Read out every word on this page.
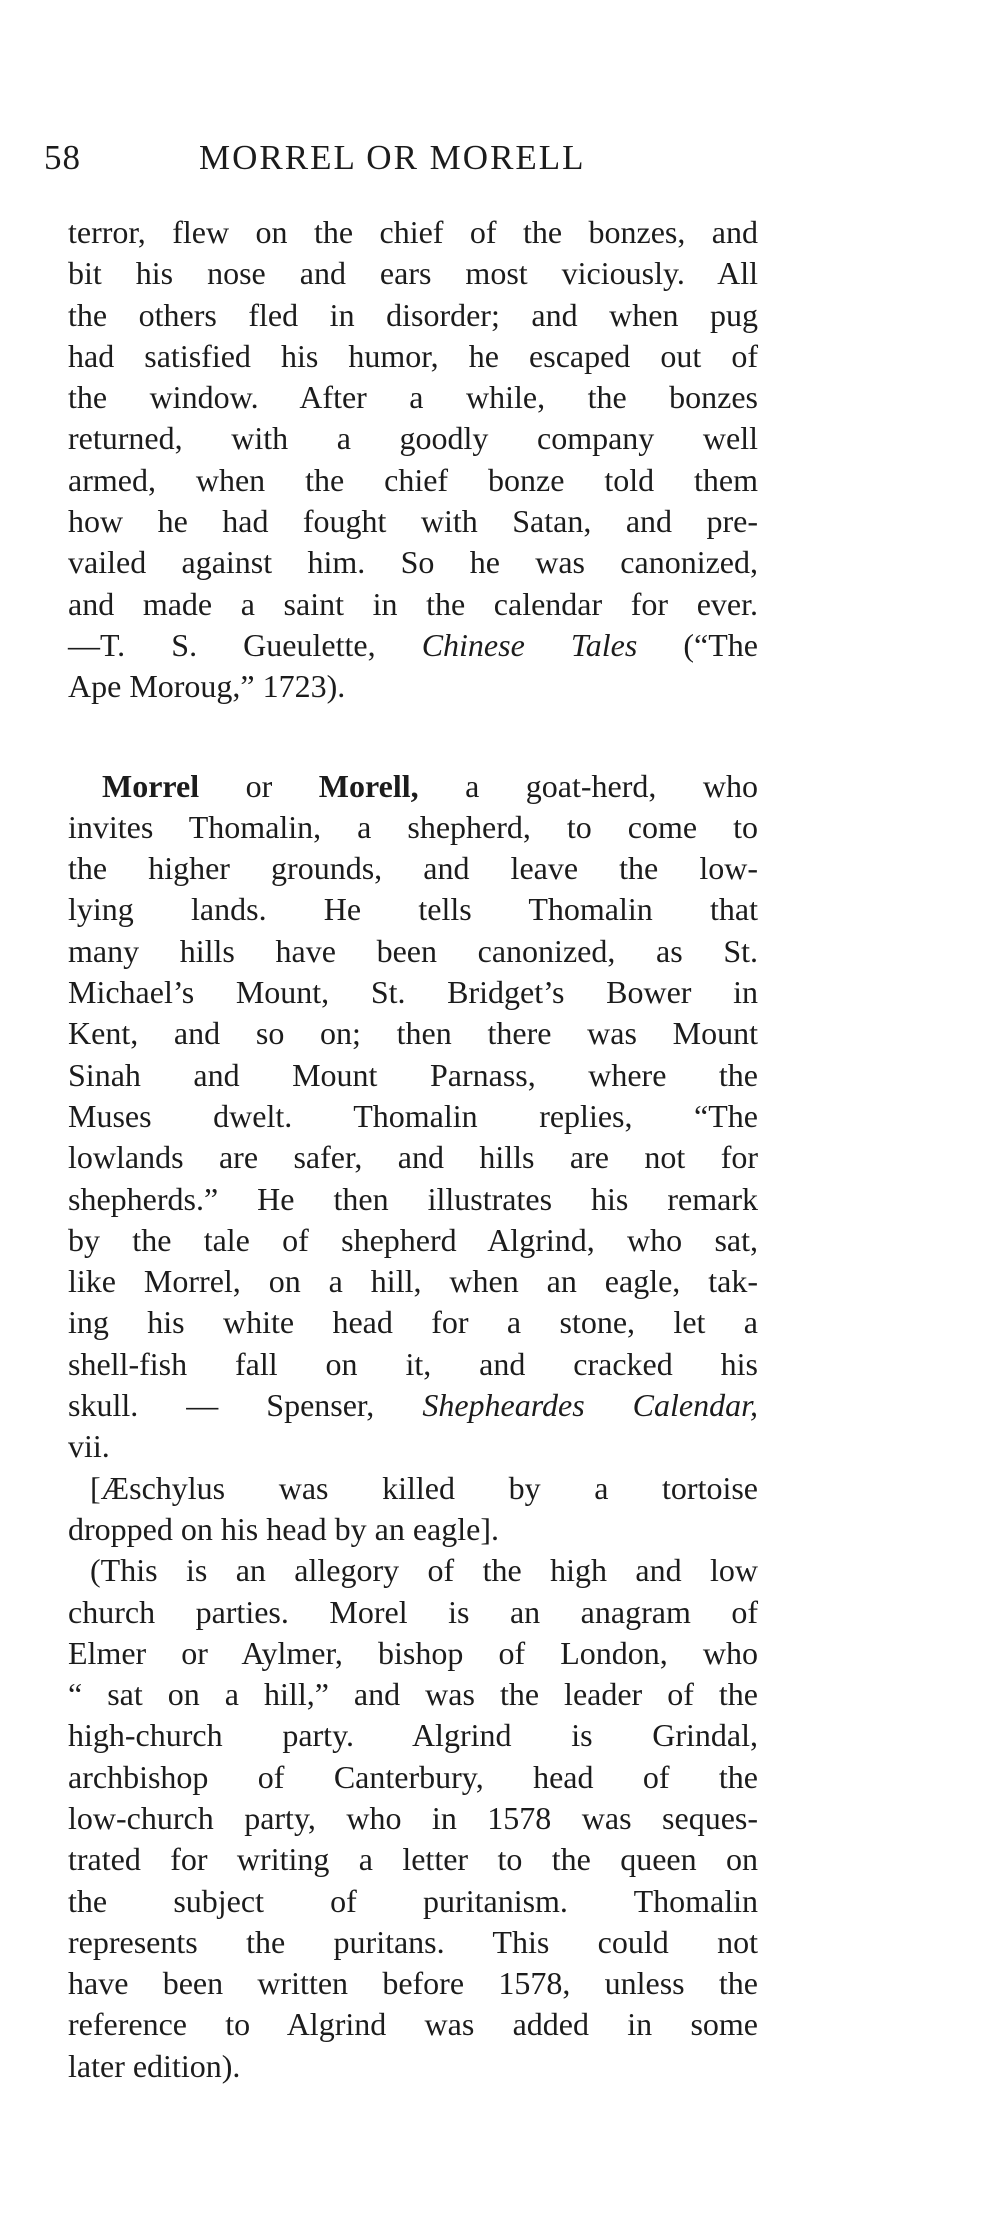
58	MORREL OR MORELL
terror, flew on the chief of the bonzes, and
bit his nose and ears most viciously. All
the others fled in disorder; and when pug
had satisfied his humor, he escaped out of
the window. After a while, the bonzes
returned, with a goodly company well
armed, when the chief bonze told them
how he had fought with Satan, and pre-
vailed against him. So he was canonized,
and made a saint in the calendar for ever.
—T. S. Gueulette, Chinese Tales (“The
Ape Moroug,” 1723).
Morrel or Morell, a goat-herd, who
invites Thomalin, a shepherd, to come to
the higher grounds, and leave the low-
lying lands. He tells Thomalin that
many hills have been canonized, as St.
Michael’s Mount, St. Bridget’s Bower in
Kent, and so on; then there was Mount
Sinah and Mount Parnass, where the
Muses dwelt. Thomalin replies, “The
lowlands are safer, and hills are not for
shepherds.” He then illustrates his remark
by the tale of shepherd Algrind, who sat,
like Morrel, on a hill, when an eagle, tak-
ing his white head for a stone, let a
shell-fish fall on it, and cracked his
skull. — Spenser, Shepheardes Calendar,
vii.
[Æschylus was killed by a tortoise
dropped on his head by an eagle].
(This is an allegory of the high and low
church parties. Morel is an anagram of
Elmer or Aylmer, bishop of London, who
“ sat on a hill,” and was the leader of the
high-church party. Algrind is Grindal,
archbishop of Canterbury, head of the
low-church party, who in 1578 was seques-
trated for writing a letter to the queen on
the subject of puritanism. Thomalin
represents the puritans. This could not
have been written before 1578, unless the
reference to Algrind was added in some
later edition).
